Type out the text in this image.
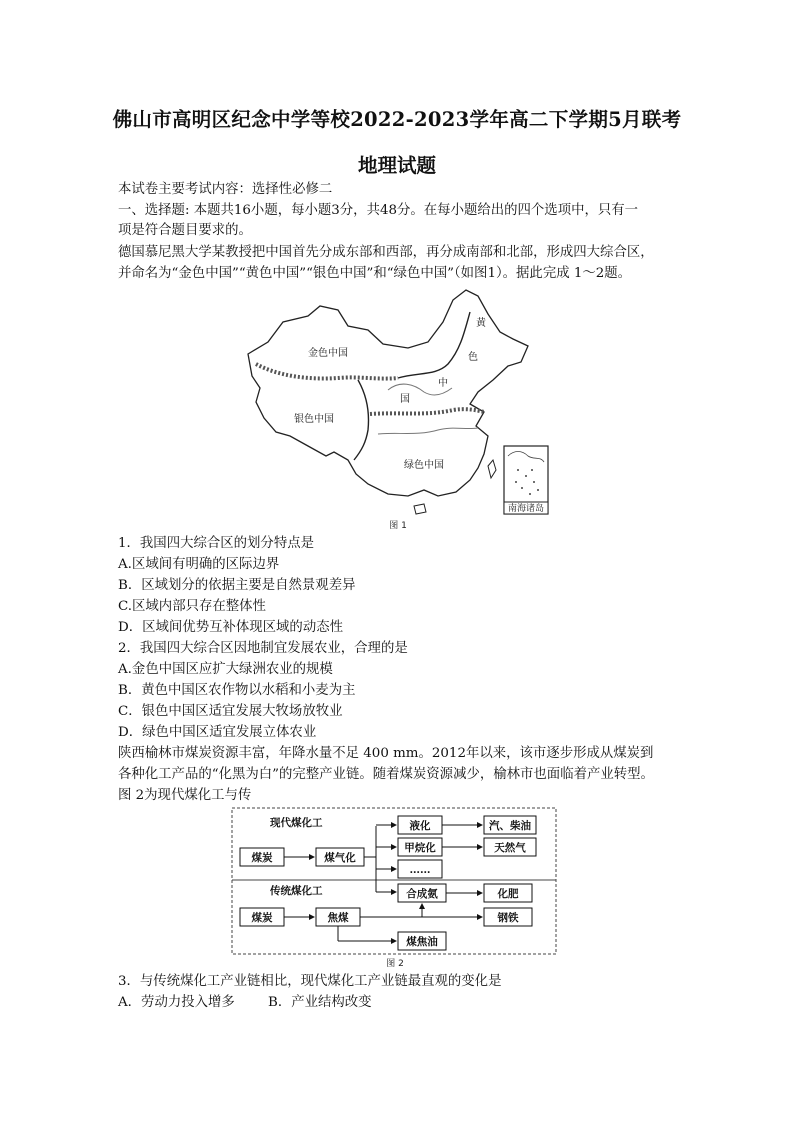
佛山市高明区纪念中学等校2022-2023学年高二下学期5月联考
地理试题
本试卷主要考试内容：选择性必修二
一、选择题: 本题共16小题，每小题3分，共48分。在每小题给出的四个选项中，只有一
项是符合题目要求的。
德国慕尼黑大学某教授把中国首先分成东部和西部，再分成南部和北部，形成四大综合区，
并命名为“金色中国”“黄色中国”“银色中国”和“绿色中国”（如图1）。据此完成 1～2题。
金色中国
银色中国
绿色中国
黄
色
中
国
南海诸岛
图 1
1．我国四大综合区的划分特点是
A.区域间有明确的区际边界
B．区域划分的依据主要是自然景观差异
C.区域内部只存在整体性
D．区域间优势互补体现区域的动态性
2．我国四大综合区因地制宜发展农业，合理的是
A.金色中国区应扩大绿洲农业的规模
B．黄色中国区农作物以水稻和小麦为主
C．银色中国区适宜发展大牧场放牧业
D．绿色中国区适宜发展立体农业
陕西榆林市煤炭资源丰富，年降水量不足 400 mm。2012年以来，该市逐步形成从煤炭到
各种化工产品的“化黑为白”的完整产业链。随着煤炭资源减少，榆林市也面临着产业转型。
图 2为现代煤化工与传
现代煤化工
传统煤化工
煤炭	煤气化
液化
甲烷化
……
合成氨
汽、柴油
天然气
化肥
煤炭	焦煤	钢铁
煤焦油
图 2
3．与传统煤化工产业链相比，现代煤化工产业链最直观的变化是
A．劳动力投入增多 B．产业结构改变
